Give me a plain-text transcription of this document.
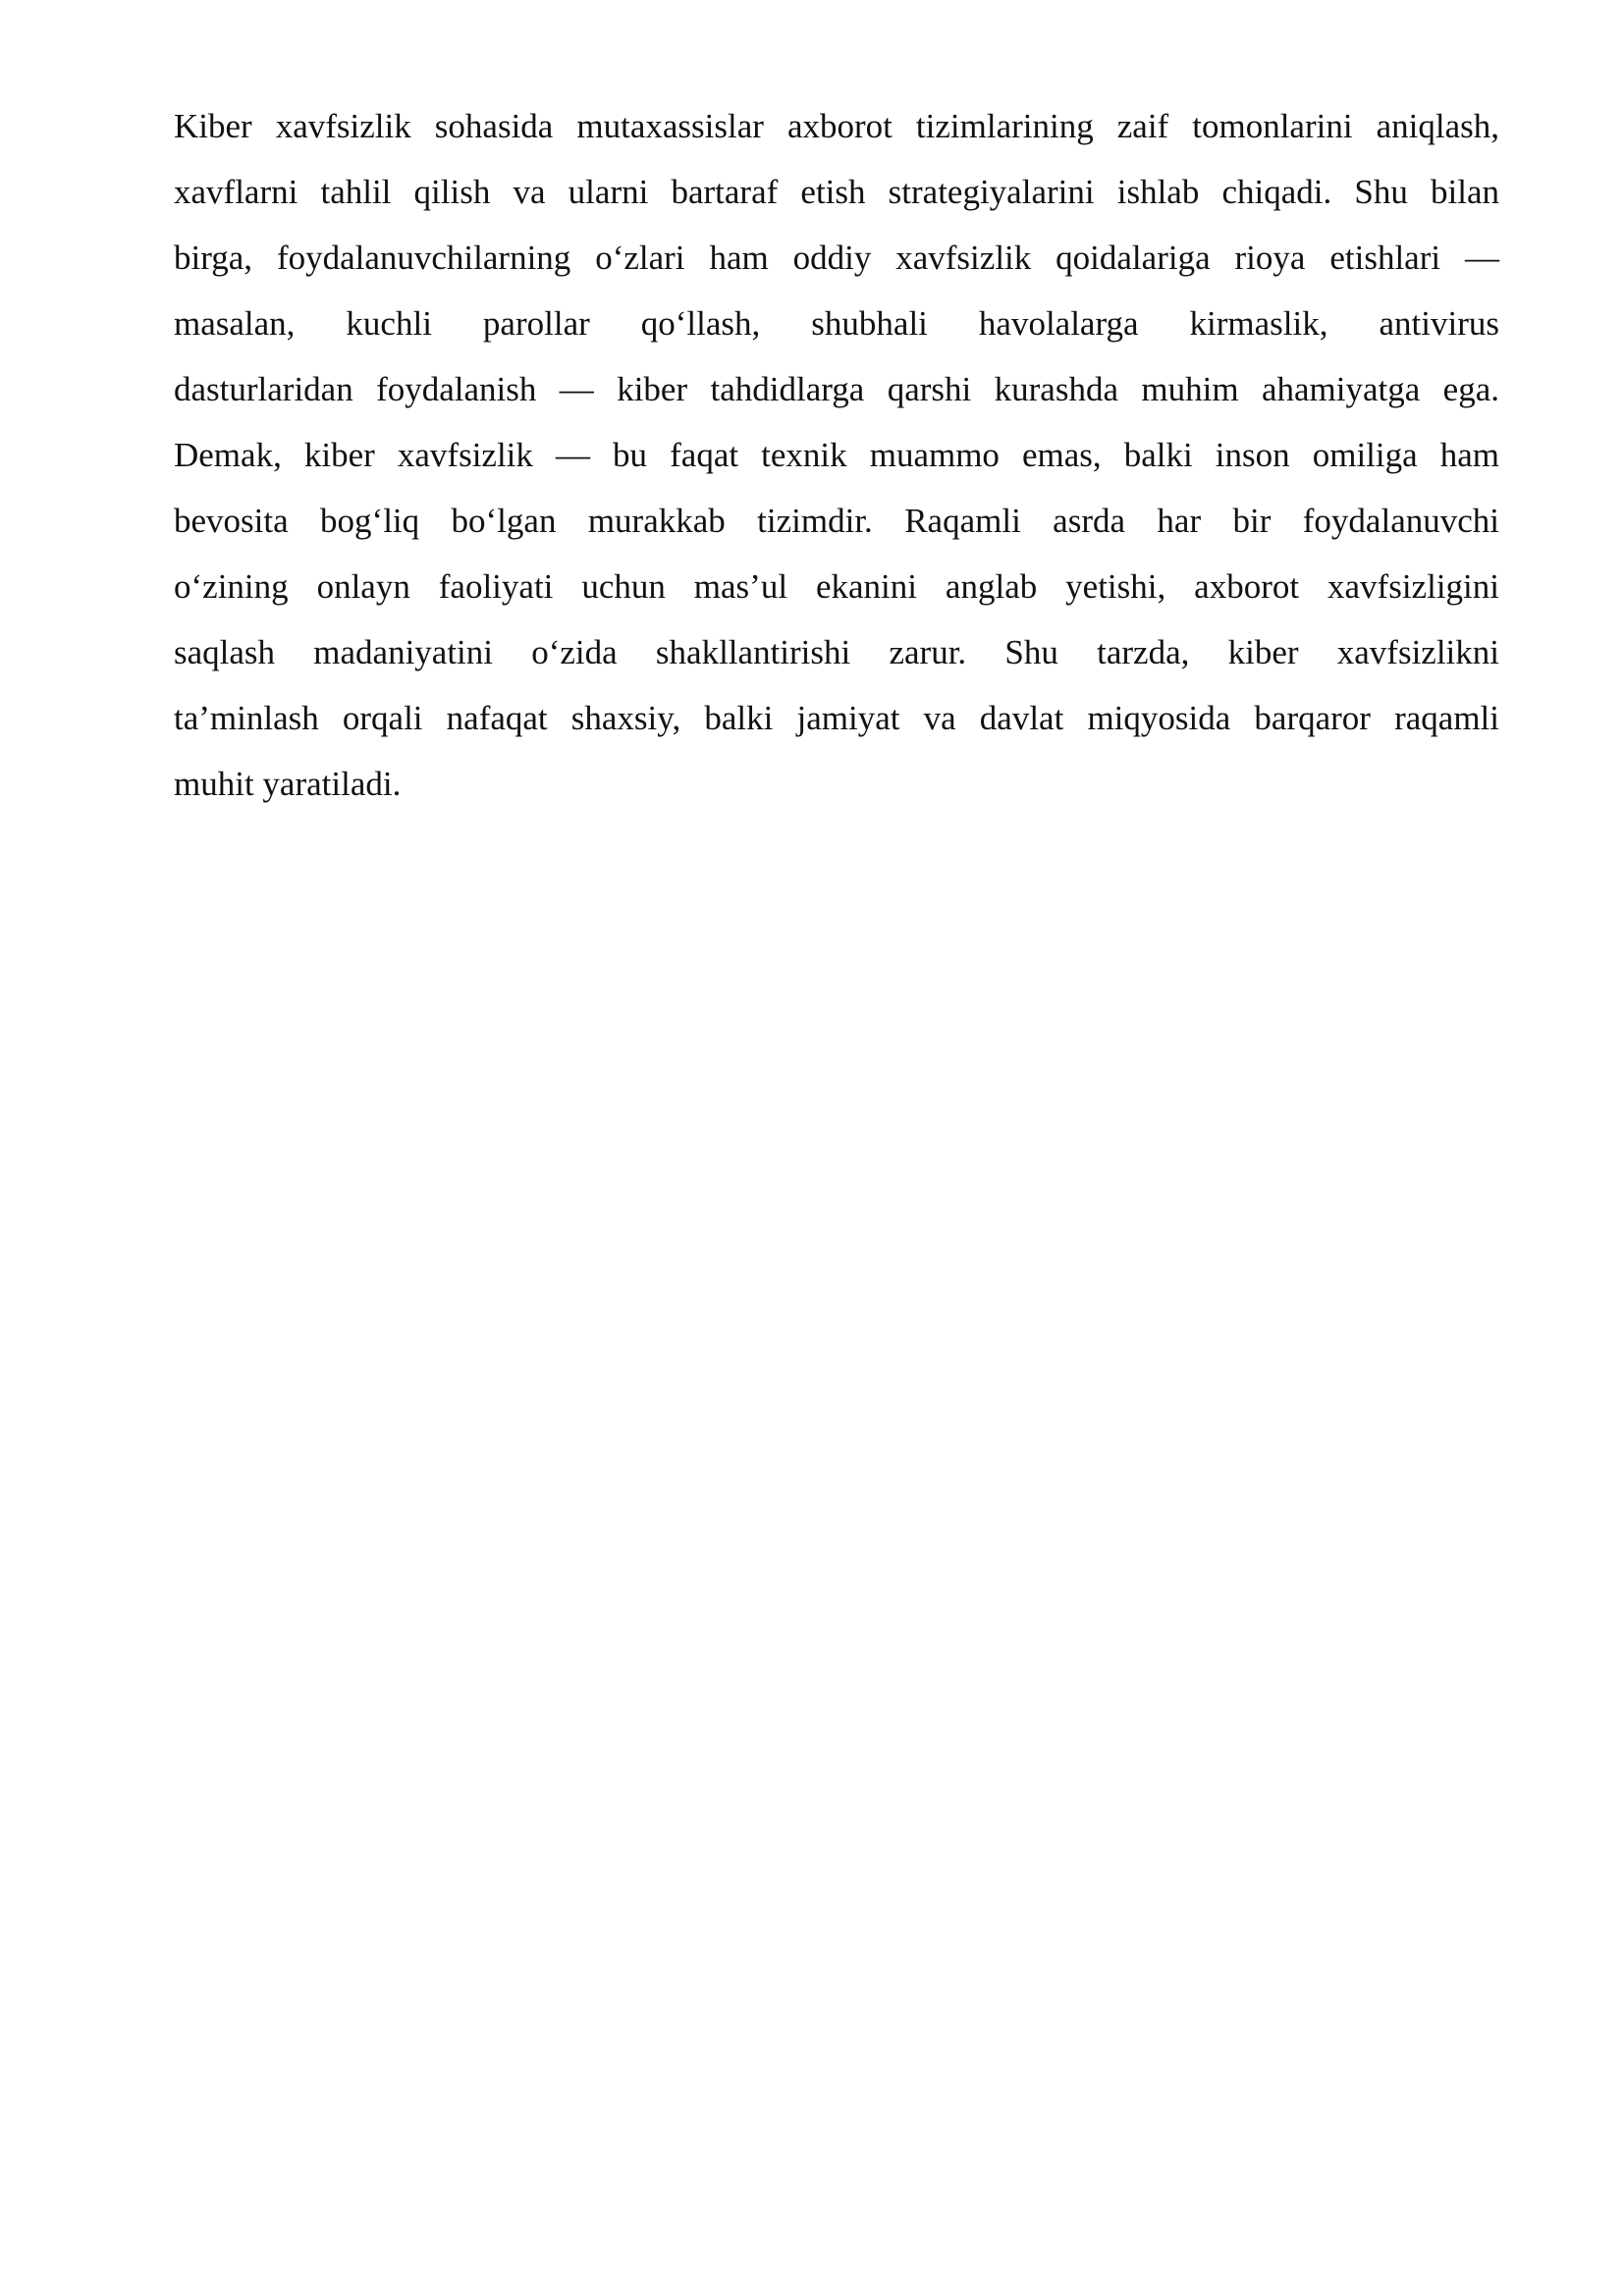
Kiber xavfsizlik sohasida mutaxassislar axborot tizimlarining zaif tomonlarini aniqlash,
xavflarni tahlil qilish va ularni bartaraf etish strategiyalarini ishlab chiqadi. Shu bilan
birga, foydalanuvchilarning o‘zlari ham oddiy xavfsizlik qoidalariga rioya etishlari —
masalan, kuchli parollar qo‘llash, shubhali havolalarga kirmaslik, antivirus
dasturlaridan foydalanish — kiber tahdidlarga qarshi kurashda muhim ahamiyatga ega.
Demak, kiber xavfsizlik — bu faqat texnik muammo emas, balki inson omiliga ham
bevosita bog‘liq bo‘lgan murakkab tizimdir. Raqamli asrda har bir foydalanuvchi
o‘zining onlayn faoliyati uchun mas’ul ekanini anglab yetishi, axborot xavfsizligini
saqlash madaniyatini o‘zida shakllantirishi zarur. Shu tarzda, kiber xavfsizlikni
ta’minlash orqali nafaqat shaxsiy, balki jamiyat va davlat miqyosida barqaror raqamli
muhit yaratiladi.
